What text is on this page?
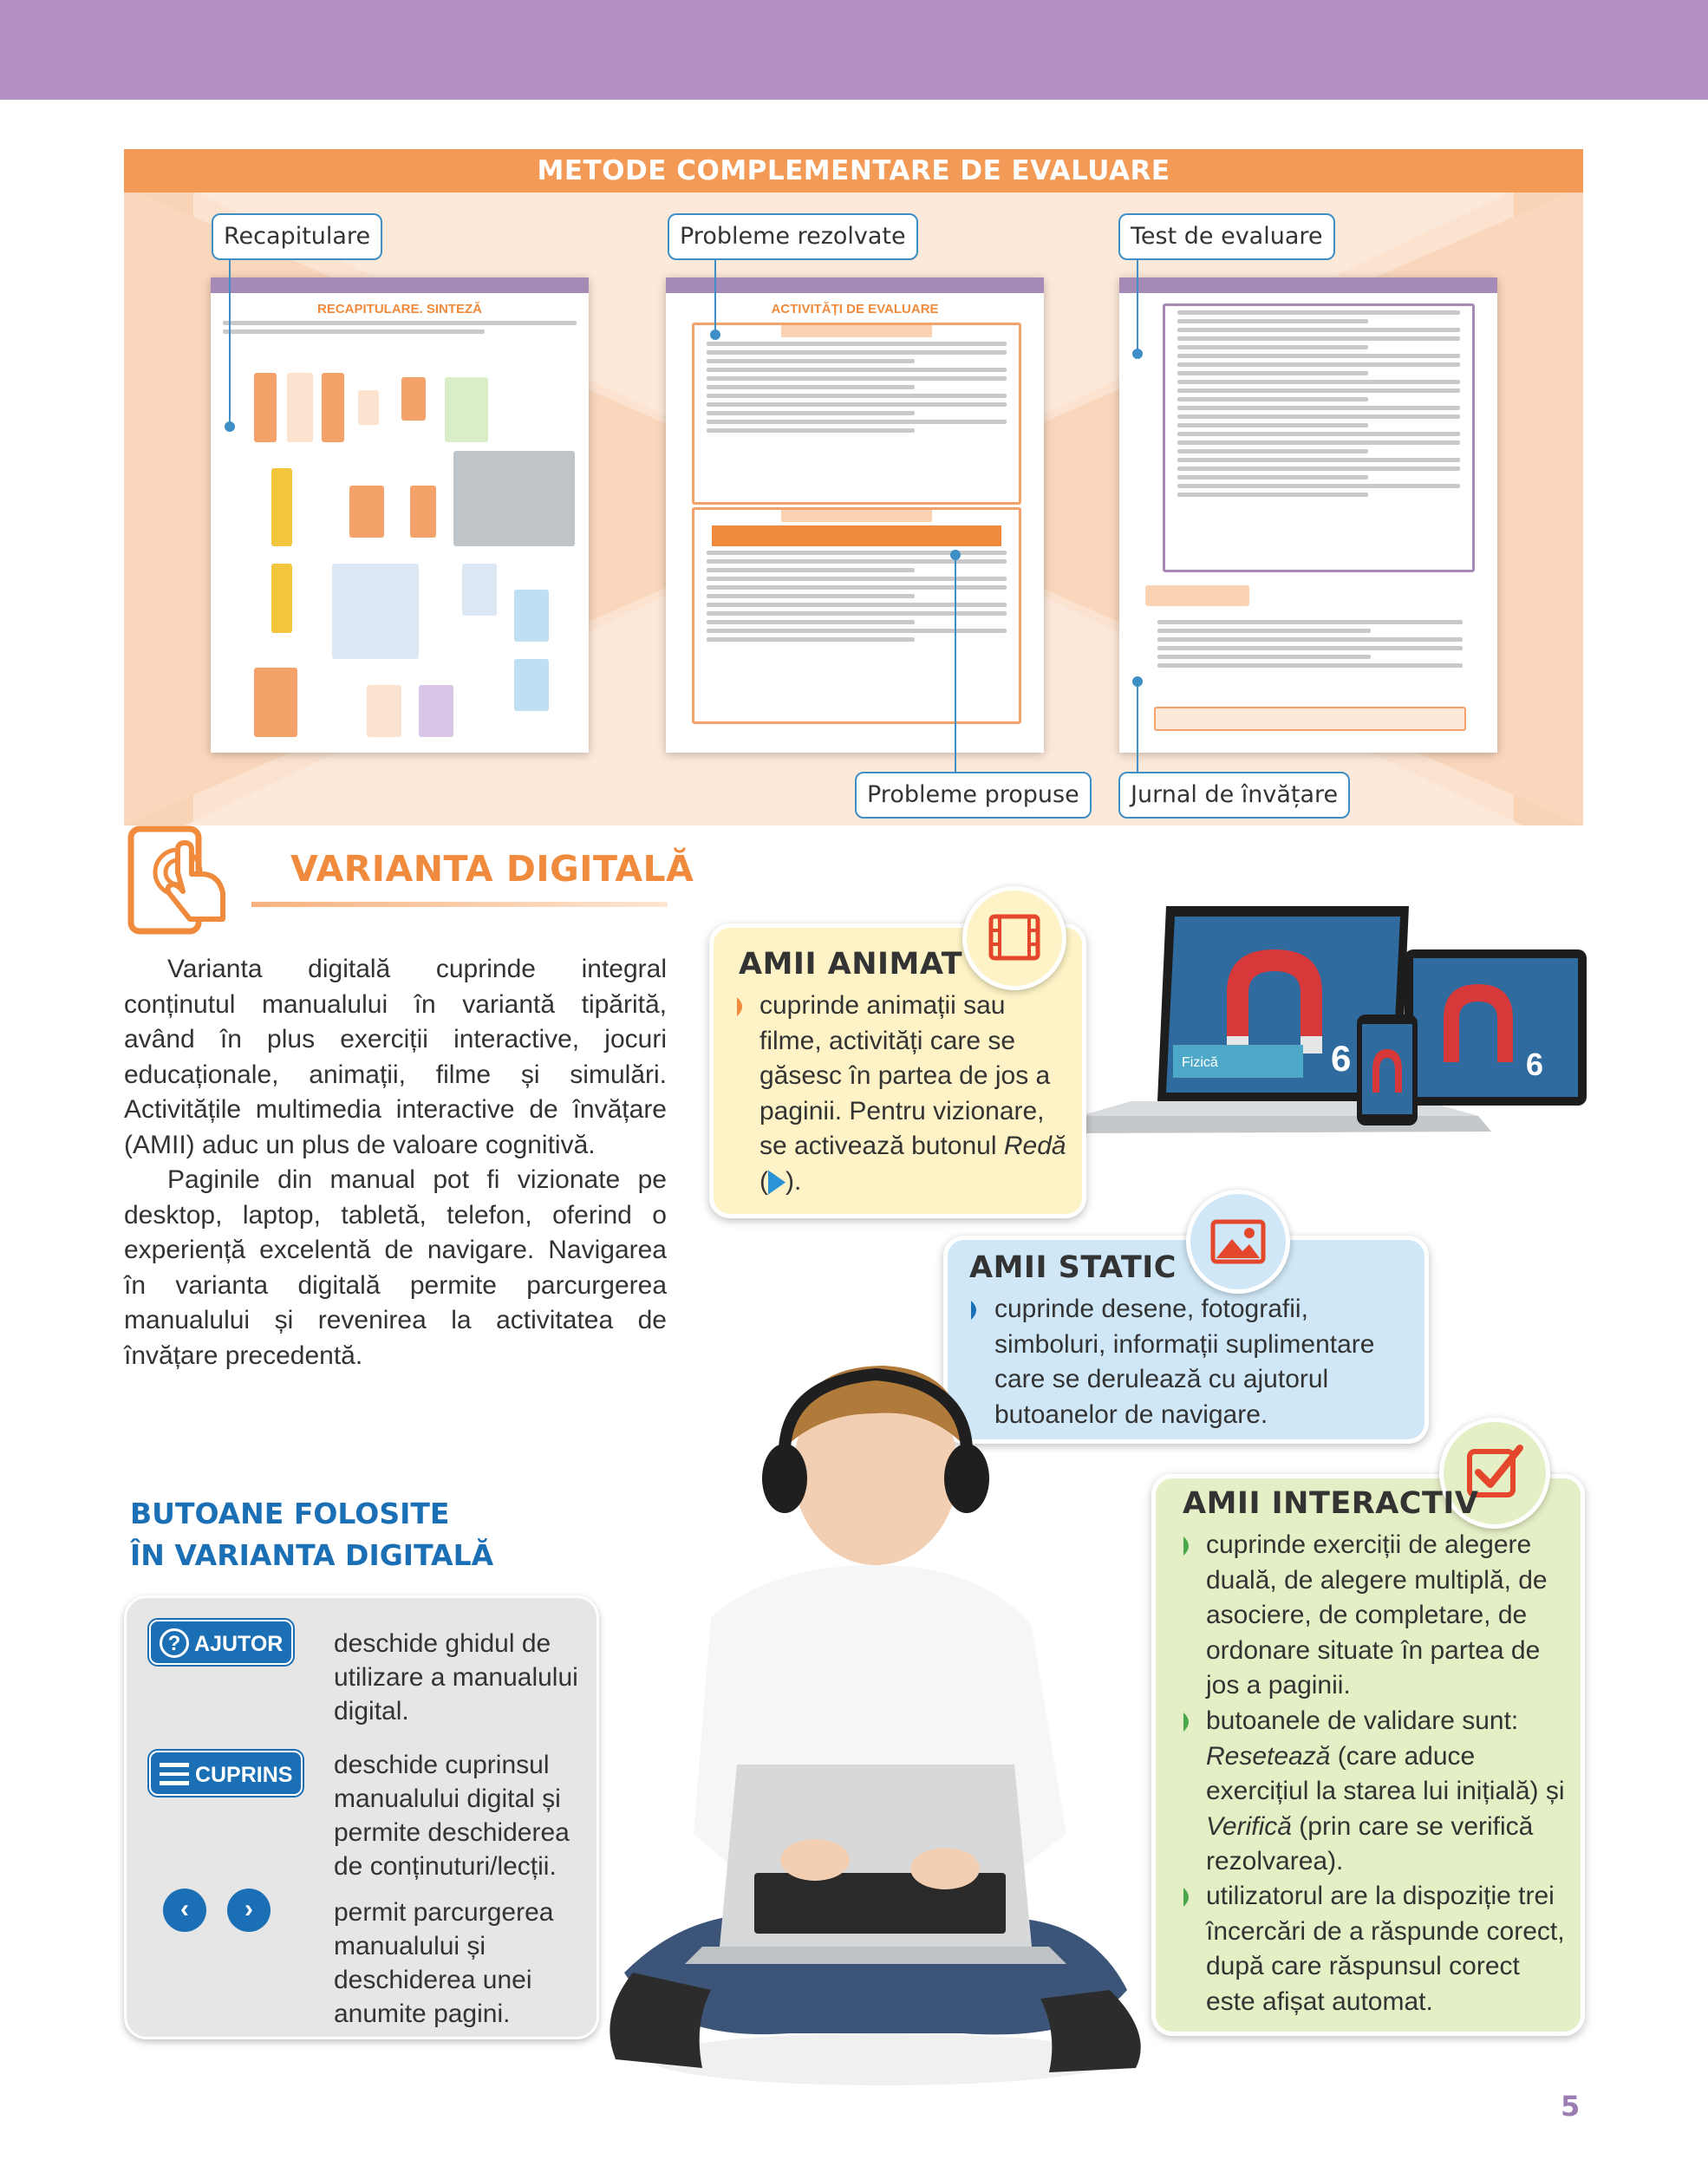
METODE COMPLEMENTARE DE EVALUARE
RECAPITULARE. SINTEZĂ	ACTIVITĂȚI DE EVALUARE
Recapitulare	Probleme rezolvate	Test de evaluare
Probleme propuse	Jurnal de învățare
VARIANTA DIGITALĂ

Varianta digitală cuprinde integral conținutul manualului în variantă tipărită, având în plus exerciții interactive, jocuri educaționale, animații, filme și simulări. Activitățile multimedia interactive de învățare (AMII) aduc un plus de valoare cognitivă.

Paginile din manual pot fi vizionate pe desktop, laptop, tabletă, telefon, oferind o experiență excelentă de navigare. Navigarea în varianta digitală permite parcurgerea manualului și revenirea la activitatea de învățare precedentă.

BUTOANE FOLOSITE
ÎN VARIANTA DIGITALĂ
? AJUTOR	deschide ghidul de utilizare a manualului digital.
CUPRINS	deschide cuprinsul manualului digital și permite deschiderea de conținuturi/lecții.
‹	›	permit parcurgerea manualului și deschiderea unei anumite pagini.
Fizică	6	6
AMII ANIMAT
cuprinde animații sau filme, activități care se găsesc în partea de jos a paginii. Pentru vizionare, se activează butonul Redă ( ).
AMII STATIC
cuprinde desene, fotografii, simboluri, informații suplimentare care se derulează cu ajutorul butoanelor de navigare.
AMII INTERACTIV
cuprinde exerciții de alegere duală, de alegere multiplă, de asociere, de completare, de ordonare situate în partea de jos a paginii.
butoanele de validare sunt: Resetează (care aduce exercițiul la starea lui inițială) și Verifică (prin care se verifică rezolvarea).
utilizatorul are la dispoziție trei încercări de a răspunde corect, după care răspunsul corect este afișat automat.
5
